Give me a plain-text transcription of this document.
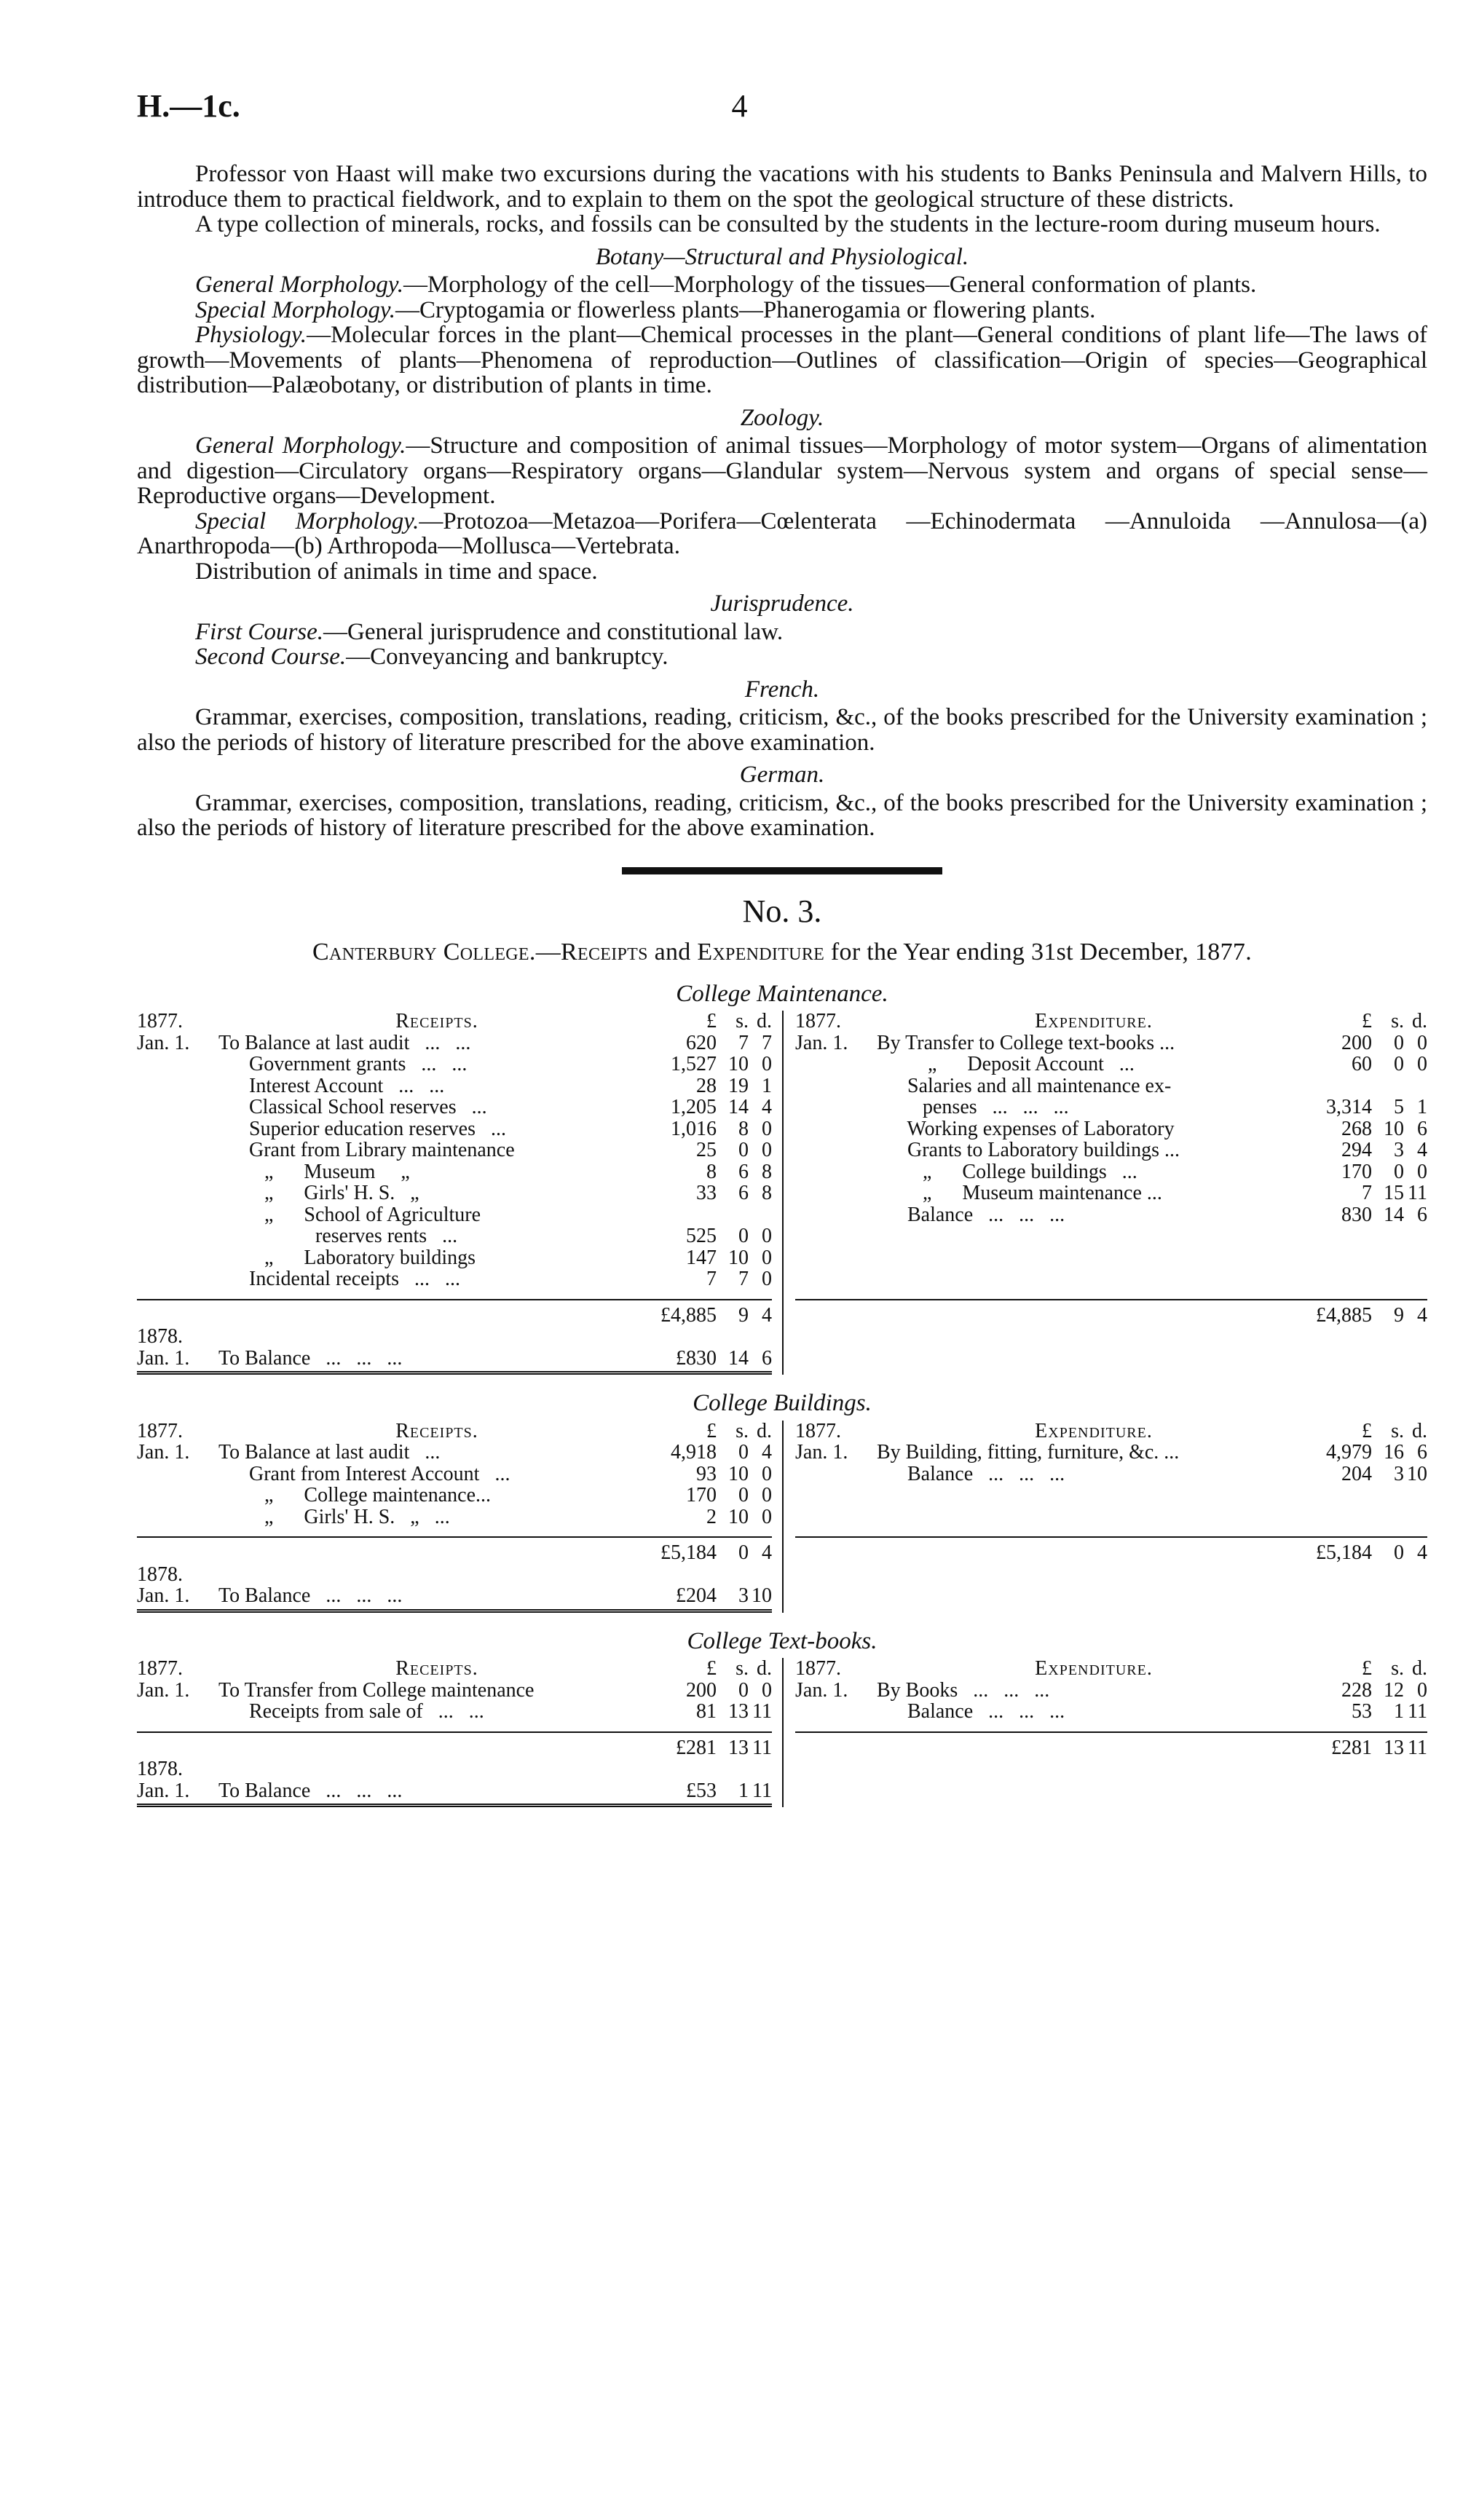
H.—1c.	4

Professor von Haast will make two excursions during the vacations with his students to Banks Peninsula and Malvern Hills, to introduce them to practical fieldwork, and to explain to them on the spot the geological structure of these districts.

A type collection of minerals, rocks, and fossils can be consulted by the students in the lecture-room during museum hours.

Botany—Structural and Physiological.

General Morphology.—Morphology of the cell—Morphology of the tissues—General conformation of plants.

Special Morphology.—Cryptogamia or flowerless plants—Phanerogamia or flowering plants.

Physiology.—Molecular forces in the plant—Chemical processes in the plant—General conditions of plant life—The laws of growth—Movements of plants—Phenomena of reproduction—Outlines of classification—Origin of species—Geographical distribution—Palæobotany, or distribution of plants in time.

Zoology.

General Morphology.—Structure and composition of animal tissues—Morphology of motor system—Organs of alimentation and digestion—Circulatory organs—Respiratory organs—Glandular system—Nervous system and organs of special sense—Reproductive organs—Development.

Special Morphology.—Protozoa—Metazoa—Porifera—Cœlenterata —Echinodermata —Annuloida —Annulosa—(a) Anarthropoda—(b) Arthropoda—Mollusca—Vertebrata.

Distribution of animals in time and space.

Jurisprudence.

First Course.—General jurisprudence and constitutional law.

Second Course.—Conveyancing and bankruptcy.

French.

Grammar, exercises, composition, translations, reading, criticism, &c., of the books prescribed for the University examination ; also the periods of history of literature prescribed for the above examination.

German.

Grammar, exercises, composition, translations, reading, criticism, &c., of the books prescribed for the University examination ; also the periods of history of literature prescribed for the above examination.

No. 3.
Canterbury College.—Receipts and Expenditure for the Year ending 31st December, 1877.
College Maintenance.
1877.	Receipts.	£ s. d.
Jan. 1.	To Balance at last audit   ...   ...	620	7 7
Government grants   ...   ...	1,527 10 0
Interest Account   ...   ...	28 19 1
Classical School reserves   ...	1,205 14 4
Superior education reserves   ...	1,016	8 0
Grant from Library maintenance	25	0 0
„      Museum     „	8	6 8
„      Girls' H. S.   „	33	6 8
„      School of Agriculture
reserves rents   ...	525	0 0
„      Laboratory buildings	147 10 0
Incidental receipts   ...   ...	7	7 0
£4,885	9 4
1878.
Jan. 1.	To Balance   ...   ...   ...	£830 14 6
1877.	Expenditure.	£ s. d.
Jan. 1.	By Transfer to College text-books ...	200	0 0
„      Deposit Account   ...	60	0 0
Salaries and all maintenance ex-
penses   ...   ...   ...	3,314	5 1
Working expenses of Laboratory	268 10 6
Grants to Laboratory buildings ...	294	3 4
„      College buildings   ...	170	0 0
„      Museum maintenance ...	7 15 11
Balance   ...   ...   ...	830 14 6
£4,885	9 4
College Buildings.
1877.	Receipts.	£ s. d.
Jan. 1.	To Balance at last audit   ...	4,918	0 4
Grant from Interest Account   ...	93 10 0
„      College maintenance...	170	0 0
„      Girls' H. S.   „   ...	2 10 0
£5,184	0 4
1878.
Jan. 1.	To Balance   ...   ...   ...	£204	3 10
1877.	Expenditure.	£ s. d.
Jan. 1.	By Building, fitting, furniture, &c. ...	4,979 16 6
Balance   ...   ...   ...	204	3 10
£5,184	0 4
College Text-books.
1877.	Receipts.	£ s. d.
Jan. 1.	To Transfer from College maintenance	200	0 0
Receipts from sale of   ...   ...	81 13 11
£281 13 11
1878.
Jan. 1.	To Balance   ...   ...   ...	£53	1 11
1877.	Expenditure.	£ s. d.
Jan. 1.	By Books   ...   ...   ...	228 12 0
Balance   ...   ...   ...	53	1 11
£281 13 11
